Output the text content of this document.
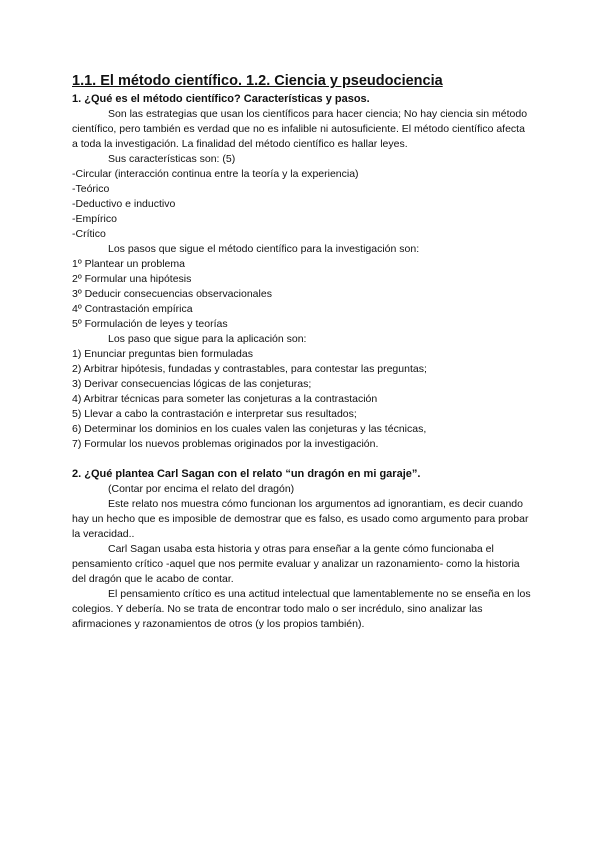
1.1. El método científico. 1.2. Ciencia y pseudociencia
1. ¿Qué es el método científico? Características y pasos.
Son las estrategias que usan los científicos para hacer ciencia; No hay ciencia sin método científico, pero también es verdad que no es infalible ni autosuficiente. El método científico afecta a toda la investigación. La finalidad del método científico es hallar leyes.
Sus características son: (5)
-Circular (interacción continua entre la teoría y la experiencia)
-Teórico
-Deductivo e inductivo
-Empírico
-Crítico
Los pasos que sigue el método científico para la investigación son:
1º Plantear un problema
2º Formular una hipótesis
3º Deducir consecuencias observacionales
4º Contrastación empírica
5º Formulación de leyes y teorías
Los paso que sigue para la aplicación son:
1) Enunciar preguntas bien formuladas
2) Arbitrar hipótesis, fundadas y contrastables, para contestar las preguntas;
3) Derivar consecuencias lógicas de las conjeturas;
4) Arbitrar técnicas para someter las conjeturas a la contrastación
5) Llevar a cabo la contrastación e interpretar sus resultados;
6) Determinar los dominios en los cuales valen las conjeturas y las técnicas,
7) Formular los nuevos problemas originados por la investigación.
2. ¿Qué plantea Carl Sagan con el relato “un dragón en mi garaje”.
(Contar por encima el relato del dragón)
Este relato nos muestra cómo funcionan los argumentos ad ignorantiam, es decir cuando hay un hecho que es imposible de demostrar que es falso, es usado como argumento para probar la veracidad..
Carl Sagan usaba esta historia y otras para enseñar a la gente cómo funcionaba el pensamiento crítico -aquel que nos permite evaluar y analizar un razonamiento- como la historia del dragón que le acabo de contar.
El pensamiento crítico es una actitud intelectual que lamentablemente no se enseña en los colegios. Y debería. No se trata de encontrar todo malo o ser incrédulo, sino analizar las afirmaciones y razonamientos de otros (y los propios también).
